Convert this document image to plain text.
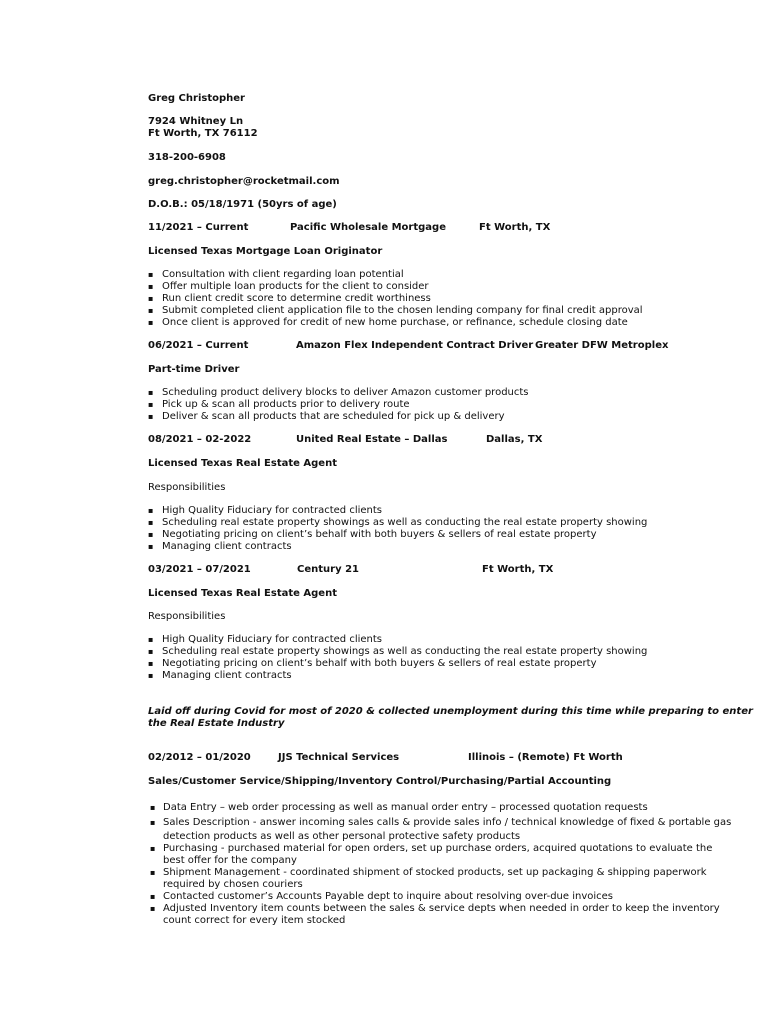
Greg Christopher
7924 Whitney Ln
Ft Worth, TX 76112
318-200-6908
greg.christopher@rocketmail.com
D.O.B.: 05/18/1971 (50yrs of age)
11/2021 – Current	Pacific Wholesale Mortgage	Ft Worth, TX
Licensed Texas Mortgage Loan Originator
▪ Consultation with client regarding loan potential
▪ Offer multiple loan products for the client to consider
▪ Run client credit score to determine credit worthiness
▪ Submit completed client application file to the chosen lending company for final credit approval
▪ Once client is approved for credit of new home purchase, or refinance, schedule closing date
06/2021 – Current	Amazon Flex Independent Contract Driver Greater DFW Metroplex
Part-time Driver
▪ Scheduling product delivery blocks to deliver Amazon customer products
▪ Pick up & scan all products prior to delivery route
▪ Deliver & scan all products that are scheduled for pick up & delivery
08/2021 – 02-2022	United Real Estate – Dallas	Dallas, TX
Licensed Texas Real Estate Agent
Responsibilities
▪ High Quality Fiduciary for contracted clients
▪ Scheduling real estate property showings as well as conducting the real estate property showing
▪ Negotiating pricing on client’s behalf with both buyers & sellers of real estate property
▪ Managing client contracts
03/2021 – 07/2021	Century 21	Ft Worth, TX
Licensed Texas Real Estate Agent
Responsibilities
▪ High Quality Fiduciary for contracted clients
▪ Scheduling real estate property showings as well as conducting the real estate property showing
▪ Negotiating pricing on client’s behalf with both buyers & sellers of real estate property
▪ Managing client contracts
Laid off during Covid for most of 2020 & collected unemployment during this time while preparing to enter
the Real Estate Industry
02/2012 – 01/2020	JJS Technical Services	Illinois – (Remote) Ft Worth
Sales/Customer Service/Shipping/Inventory Control/Purchasing/Partial Accounting
▪ Data Entry – web order processing as well as manual order entry – processed quotation requests
▪ Sales Description - answer incoming sales calls & provide sales info / technical knowledge of fixed & portable gas
detection products as well as other personal protective safety products
▪ Purchasing - purchased material for open orders, set up purchase orders, acquired quotations to evaluate the
best offer for the company
▪ Shipment Management - coordinated shipment of stocked products, set up packaging & shipping paperwork
required by chosen couriers
▪ Contacted customer’s Accounts Payable dept to inquire about resolving over-due invoices
▪ Adjusted Inventory item counts between the sales & service depts when needed in order to keep the inventory
count correct for every item stocked
